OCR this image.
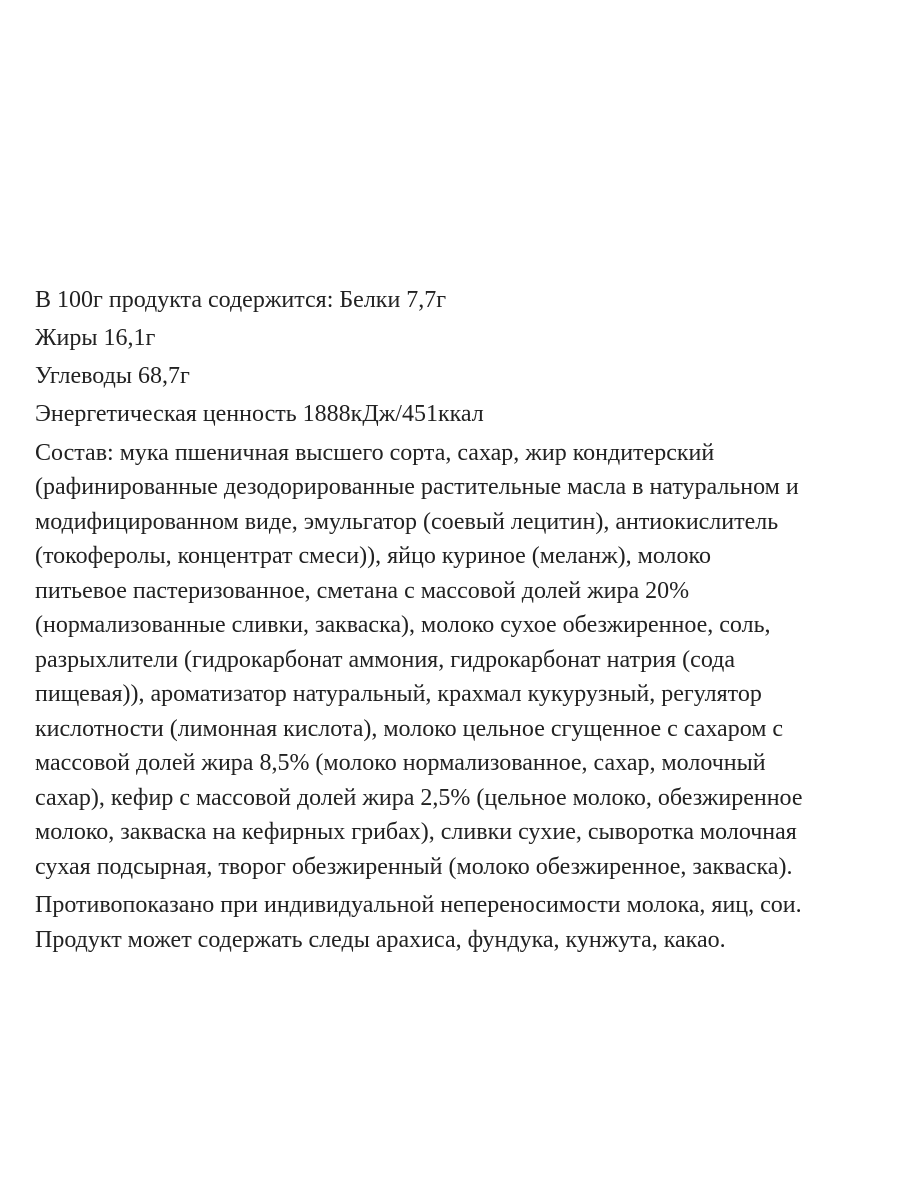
В 100г продукта содержится: Белки 7,7г

Жиры 16,1г

Углеводы 68,7г

Энергетическая ценность 1888кДж/451ккал

Состав: мука пшеничная высшего сорта, сахар, жир кондитерский
(рафинированные дезодорированные растительные масла в натуральном и
модифицированном виде, эмульгатор (соевый лецитин), антиокислитель
(токоферолы, концентрат смеси)), яйцо куриное (меланж), молоко
питьевое пастеризованное, сметана с массовой долей жира 20%
(нормализованные сливки, закваска), молоко сухое обезжиренное, соль,
разрыхлители (гидрокарбонат аммония, гидрокарбонат натрия (сода
пищевая)), ароматизатор натуральный, крахмал кукурузный, регулятор
кислотности (лимонная кислота), молоко цельное сгущенное с сахаром с
массовой долей жира 8,5% (молоко нормализованное, сахар, молочный
сахар), кефир с массовой долей жира 2,5% (цельное молоко, обезжиренное
молоко, закваска на кефирных грибах), сливки сухие, сыворотка молочная
сухая подсырная, творог обезжиренный (молоко обезжиренное, закваска).

Противопоказано при индивидуальной непереносимости молока, яиц, сои.
Продукт может содержать следы арахиса, фундука, кунжута, какао.
